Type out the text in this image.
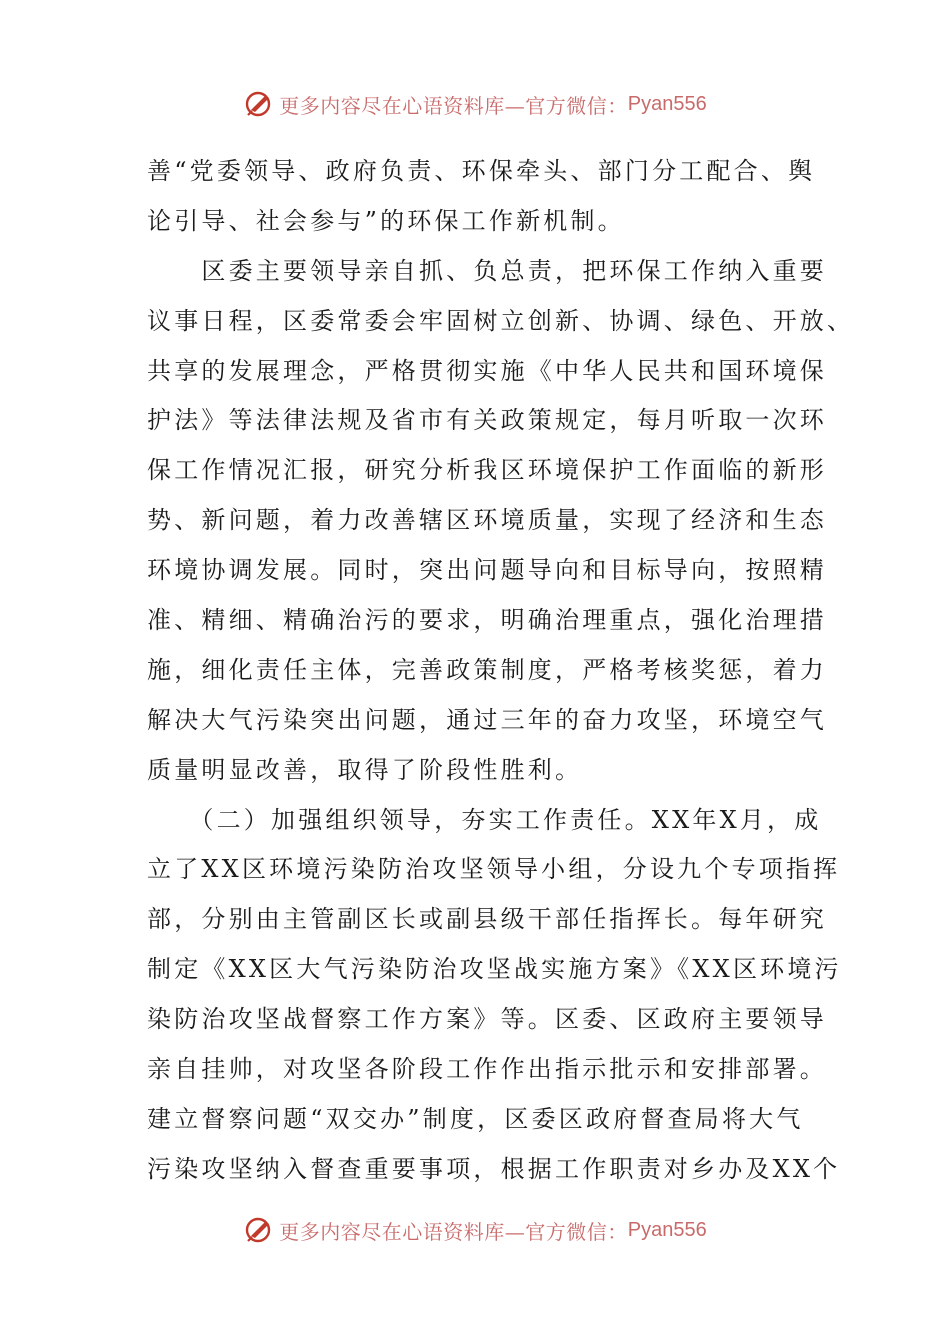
更多内容尽在心语资料库—官方微信： Pyan556
善“党委领导、政府负责、环保牵头、部门分工配合、舆
论引导、社会参与”的环保工作新机制。
　　区委主要领导亲自抓、负总责，把环保工作纳入重要
议事日程，区委常委会牢固树立创新、协调、绿色、开放、
共享的发展理念，严格贯彻实施《中华人民共和国环境保
护法》等法律法规及省市有关政策规定，每月听取一次环
保工作情况汇报，研究分析我区环境保护工作面临的新形
势、新问题，着力改善辖区环境质量，实现了经济和生态
环境协调发展。同时，突出问题导向和目标导向，按照精
准、精细、精确治污的要求，明确治理重点，强化治理措
施，细化责任主体，完善政策制度，严格考核奖惩，着力
解决大气污染突出问题，通过三年的奋力攻坚，环境空气
质量明显改善，取得了阶段性胜利。
　　（二）加强组织领导，夯实工作责任。XX年X月，成
立了XX区环境污染防治攻坚领导小组，分设九个专项指挥
部，分别由主管副区长或副县级干部任指挥长。每年研究
制定《XX区大气污染防治攻坚战实施方案》《XX区环境污
染防治攻坚战督察工作方案》等。区委、区政府主要领导
亲自挂帅，对攻坚各阶段工作作出指示批示和安排部署。
建立督察问题“双交办”制度，区委区政府督查局将大气
污染攻坚纳入督查重要事项，根据工作职责对乡办及XX个
更多内容尽在心语资料库—官方微信： Pyan556
